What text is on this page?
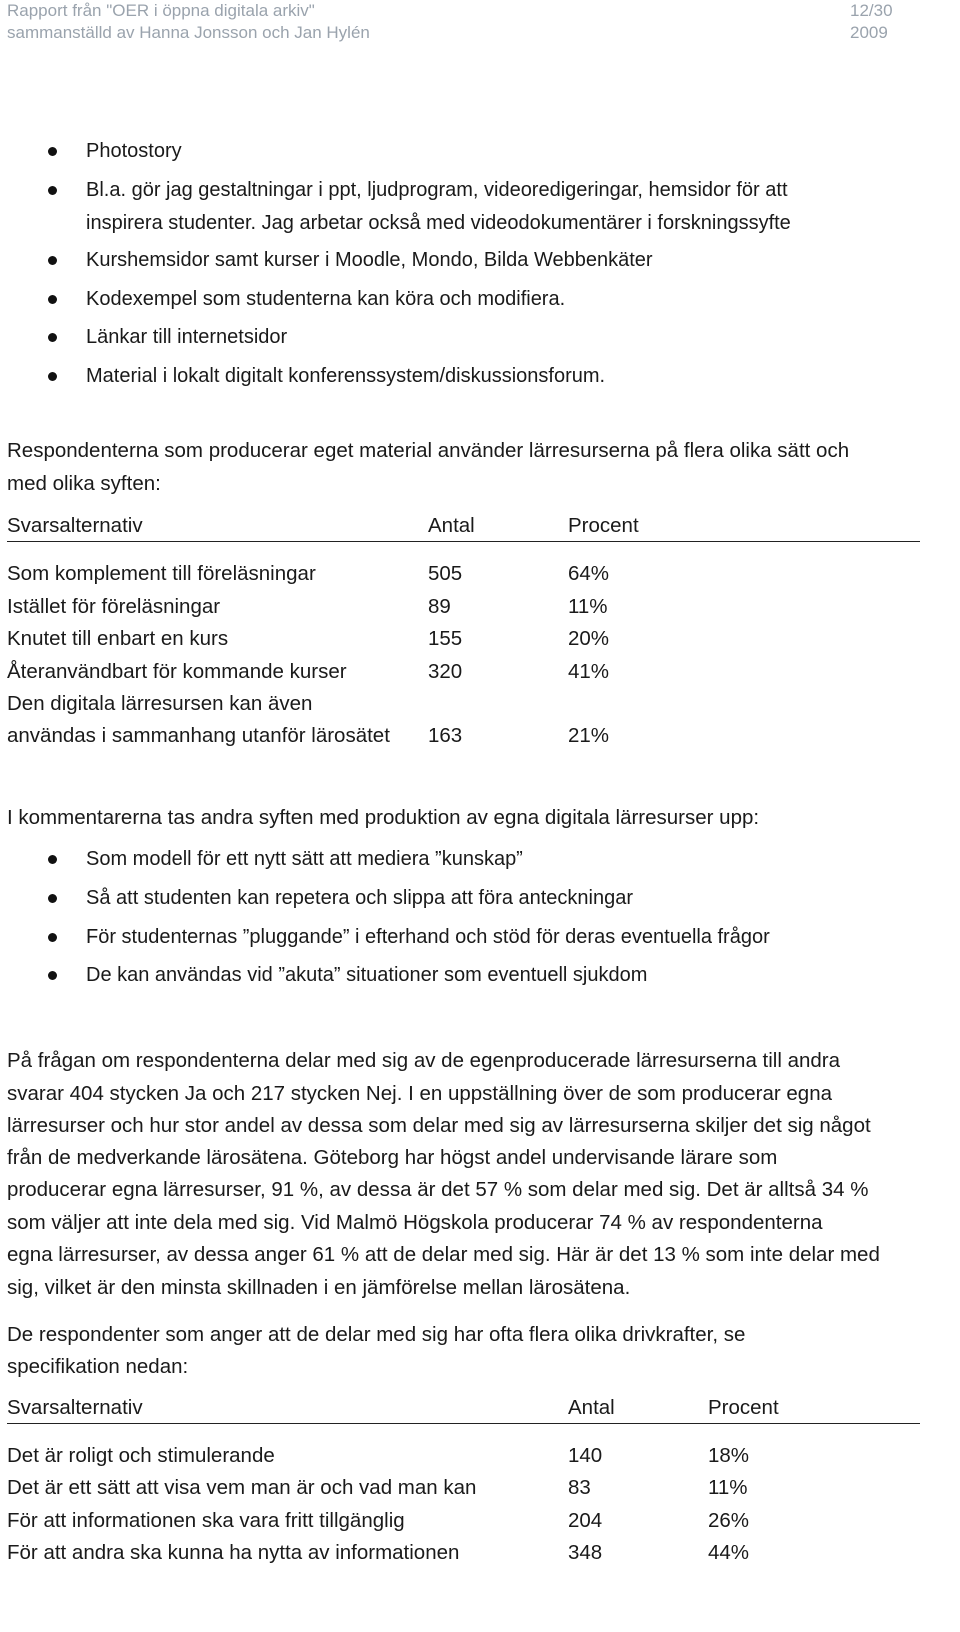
Rapport från "OER i öppna digitala arkiv"
sammanställd av Hanna Jonsson och Jan Hylén
12/30
2009
Photostory
Bl.a. gör jag gestaltningar i ppt, ljudprogram, videoredigeringar, hemsidor för att
inspirera studenter. Jag arbetar också med videodokumentärer i forskningssyfte
Kurshemsidor samt kurser i Moodle, Mondo, Bilda Webbenkäter
Kodexempel som studenterna kan köra och modifiera.
Länkar till internetsidor
Material i lokalt digitalt konferenssystem/diskussionsforum.
Respondenterna som producerar eget material använder lärresurserna på flera olika sätt och
med olika syften:
Svarsalternativ	Antal	Procent
Som komplement till föreläsningar	505	64%
Istället för föreläsningar	89	11%
Knutet till enbart en kurs	155	20%
Återanvändbart för kommande kurser	320	41%
Den digitala lärresursen kan även
användas i sammanhang utanför lärosätet 163	21%
I kommentarerna tas andra syften med produktion av egna digitala lärresurser upp:
Som modell för ett nytt sätt att mediera ”kunskap”
Så att studenten kan repetera och slippa att föra anteckningar
För studenternas ”pluggande” i efterhand och stöd för deras eventuella frågor
De kan användas vid ”akuta” situationer som eventuell sjukdom
På frågan om respondenterna delar med sig av de egenproducerade lärresurserna till andra
svarar 404 stycken Ja och 217 stycken Nej. I en uppställning över de som producerar egna
lärresurser och hur stor andel av dessa som delar med sig av lärresurserna skiljer det sig något
från de medverkande lärosätena. Göteborg har högst andel undervisande lärare som
producerar egna lärresurser, 91 %, av dessa är det 57 % som delar med sig. Det är alltså 34 %
som väljer att inte dela med sig. Vid Malmö Högskola producerar 74 % av respondenterna
egna lärresurser, av dessa anger 61 % att de delar med sig. Här är det 13 % som inte delar med
sig, vilket är den minsta skillnaden i en jämförelse mellan lärosätena.
De respondenter som anger att de delar med sig har ofta flera olika drivkrafter, se
specifikation nedan:
Svarsalternativ	Antal	Procent
Det är roligt och stimulerande	140	18%
Det är ett sätt att visa vem man är och vad man kan	83	11%
För att informationen ska vara fritt tillgänglig	204	26%
För att andra ska kunna ha nytta av informationen	348	44%
